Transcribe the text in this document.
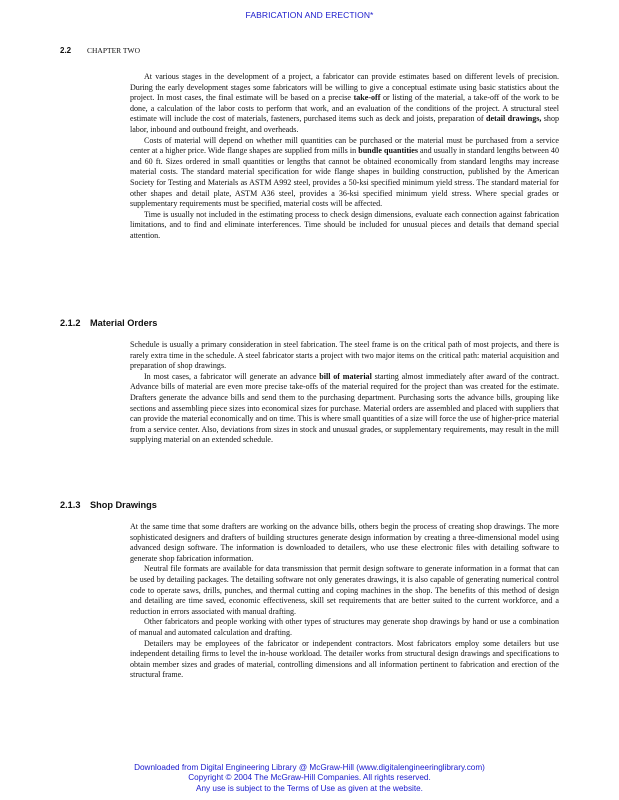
FABRICATION AND ERECTION*
2.2 CHAPTER TWO

At various stages in the development of a project, a fabricator can provide estimates based on different levels of precision. During the early development stages some fabricators will be willing to give a conceptual estimate using basic statistics about the project. In most cases, the final estimate will be based on a precise take-off or listing of the material, a take-off of the work to be done, a calculation of the labor costs to perform that work, and an evaluation of the conditions of the project. A structural steel estimate will include the cost of materials, fasteners, purchased items such as deck and joists, preparation of detail drawings, shop labor, inbound and outbound freight, and overheads.

Costs of material will depend on whether mill quantities can be purchased or the material must be purchased from a service center at a higher price. Wide flange shapes are supplied from mills in bundle quantities and usually in standard lengths between 40 and 60 ft. Sizes ordered in small quantities or lengths that cannot be obtained economically from standard lengths may increase material costs. The standard material specification for wide flange shapes in building construction, published by the American Society for Testing and Materials as ASTM A992 steel, provides a 50-ksi specified minimum yield stress. The standard material for other shapes and detail plate, ASTM A36 steel, provides a 36-ksi specified minimum yield stress. Where special grades or supplementary requirements must be specified, material costs will be affected.

Time is usually not included in the estimating process to check design dimensions, evaluate each connection against fabrication limitations, and to find and eliminate interferences. Time should be included for unusual pieces and details that demand special attention.

2.1.2 Material Orders

Schedule is usually a primary consideration in steel fabrication. The steel frame is on the critical path of most projects, and there is rarely extra time in the schedule. A steel fabricator starts a project with two major items on the critical path: material acquisition and preparation of shop drawings.

In most cases, a fabricator will generate an advance bill of material starting almost immediately after award of the contract. Advance bills of material are even more precise take-offs of the material required for the project than was created for the estimate. Drafters generate the advance bills and send them to the purchasing department. Purchasing sorts the advance bills, grouping like sections and assembling piece sizes into economical sizes for purchase. Material orders are assembled and placed with suppliers that can provide the material economically and on time. This is where small quantities of a size will force the use of higher-price material from a service center. Also, deviations from sizes in stock and unusual grades, or supplementary requirements, may result in the mill supplying material on an extended schedule.

2.1.3 Shop Drawings

At the same time that some drafters are working on the advance bills, others begin the process of creating shop drawings. The more sophisticated designers and drafters of building structures generate design information by creating a three-dimensional model using advanced design software. The information is downloaded to detailers, who use these electronic files with detailing software to generate shop fabrication information.

Neutral file formats are available for data transmission that permit design software to generate information in a format that can be used by detailing packages. The detailing software not only generates drawings, it is also capable of generating numerical control code to operate saws, drills, punches, and thermal cutting and coping machines in the shop. The benefits of this method of design and detailing are time saved, economic effectiveness, skill set requirements that are better suited to the current workforce, and a reduction in errors associated with manual drafting.

Other fabricators and people working with other types of structures may generate shop drawings by hand or use a combination of manual and automated calculation and drafting.

Detailers may be employees of the fabricator or independent contractors. Most fabricators employ some detailers but use independent detailing firms to level the in-house workload. The detailer works from structural design drawings and specifications to obtain member sizes and grades of material, controlling dimensions and all information pertinent to fabrication and erection of the structural frame.

Downloaded from Digital Engineering Library @ McGraw-Hill (www.digitalengineeringlibrary.com)
Copyright © 2004 The McGraw-Hill Companies. All rights reserved.
Any use is subject to the Terms of Use as given at the website.
